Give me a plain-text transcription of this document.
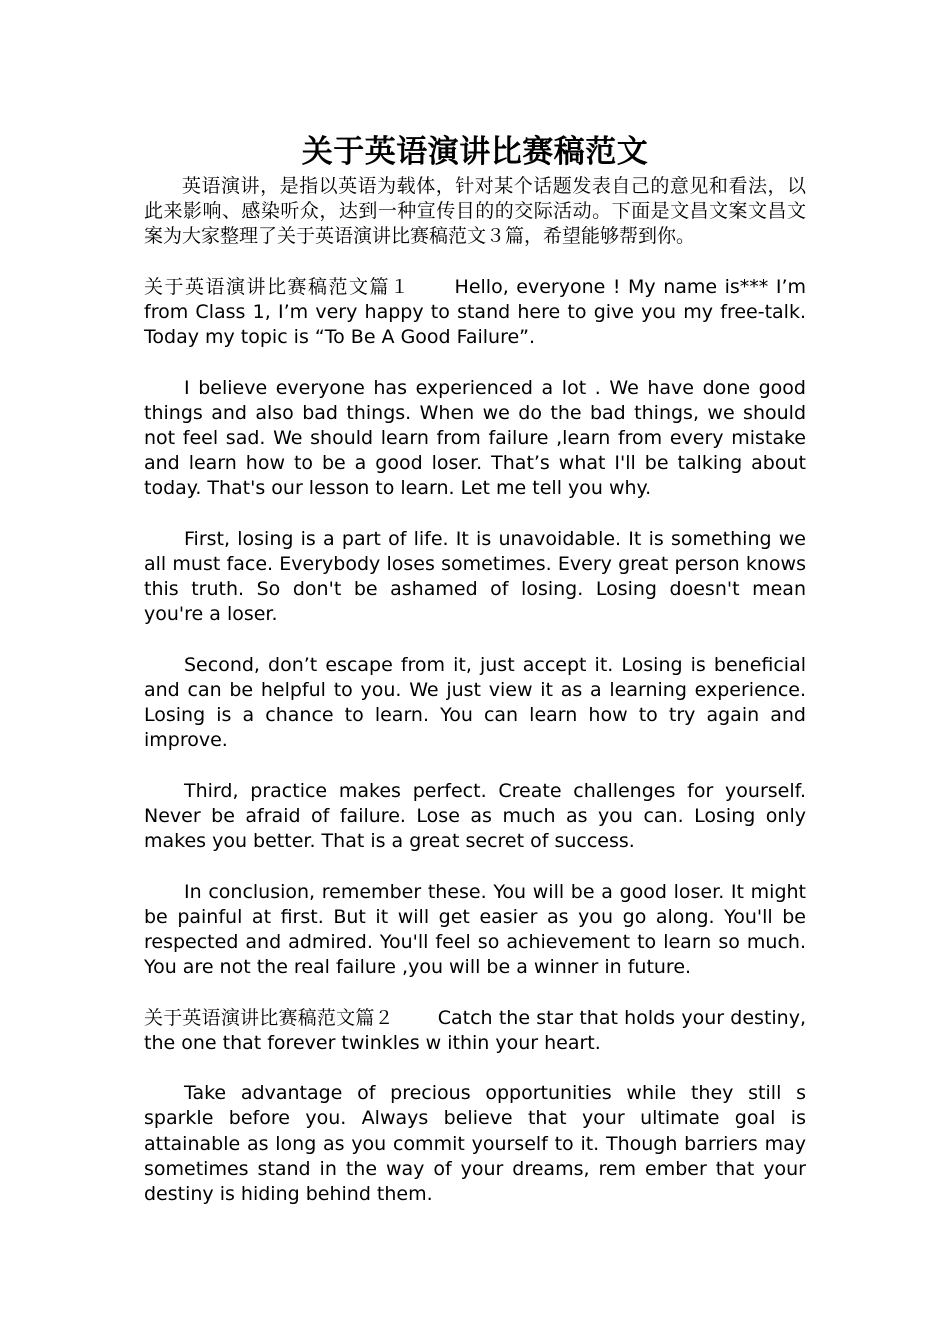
关于英语演讲比赛稿范文

英语演讲，是指以英语为载体，针对某个话题发表自己的意见和看法，以此来影响、感染听众，达到一种宣传目的的交际活动。下面是文昌文案文昌文案为大家整理了关于英语演讲比赛稿范文３篇，希望能够帮到你。

关于英语演讲比赛稿范文篇１ Hello, everyone ! My name is*** I’m from Class 1, I’m very happy to stand here to give you my free-talk. Today my topic is “To Be A Good Failure”.

I believe everyone has experienced a lot . We have done good things and also bad things. When we do the bad things, we should not feel sad. We should learn from failure ,learn from every mistake and learn how to be a good loser. That’s what I'll be talking about today. That's our lesson to learn. Let me tell you why.

First, losing is a part of life. It is unavoidable. It is something we all must face. Everybody loses sometimes. Every great person knows this truth. So don't be ashamed of losing. Losing doesn't mean you're a loser.

Second, don’t escape from it, just accept it. Losing is beneficial and can be helpful to you. We just view it as a learning experience. Losing is a chance to learn. You can learn how to try again and improve.

Third, practice makes perfect. Create challenges for yourself. Never be afraid of failure. Lose as much as you can. Losing only makes you better. That is a great secret of success.

In conclusion, remember these. You will be a good loser. It might be painful at first. But it will get easier as you go along. You'll be respected and admired. You'll feel so achievement to learn so much. You are not the real failure ,you will be a winner in future.

关于英语演讲比赛稿范文篇２ Catch the star that holds your destiny, the one that forever twinkles w ithin your heart.

Take advantage of precious opportunities while they still s sparkle before you. Always believe that your ultimate goal is attainable as long as you commit yourself to it. Though barriers may sometimes stand in the way of your dreams, rem ember that your destiny is hiding behind them.
